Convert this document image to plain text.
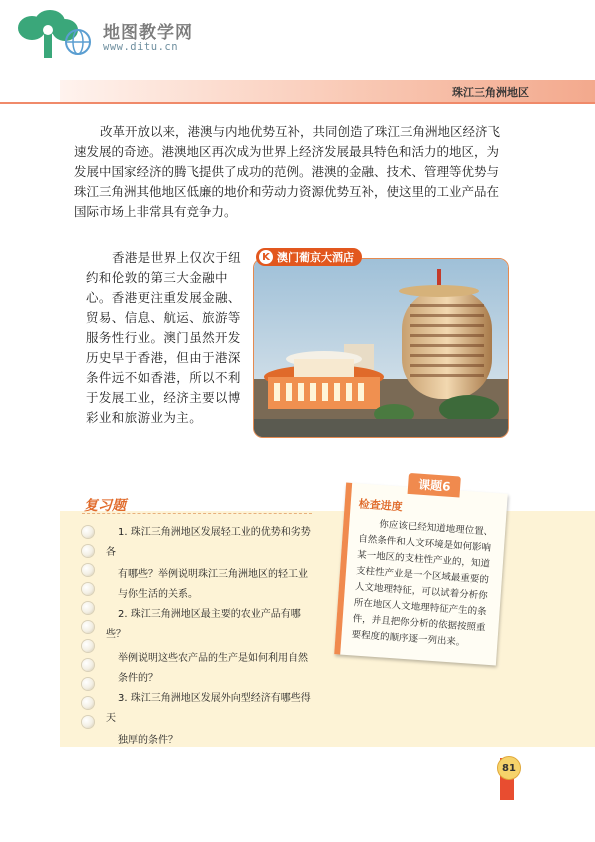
地图教学网
www.ditu.cn
珠江三角洲地区

改革开放以来，港澳与内地优势互补，共同创造了珠江三角洲地区经济飞速发展的奇迹。港澳地区再次成为世界上经济发展最具特色和活力的地区，为发展中国家经济的腾飞提供了成功的范例。港澳的金融、技术、管理等优势与珠江三角洲其他地区低廉的地价和劳动力资源优势互补，使这里的工业产品在国际市场上非常具有竞争力。

香港是世界上仅次于纽约和伦敦的第三大金融中心。香港更注重发展金融、贸易、信息、航运、旅游等服务性行业。澳门虽然开发历史早于香港，但由于港深条件远不如香港，所以不利于发展工业，经济主要以博彩业和旅游业为主。

K 澳门葡京大酒店
复习题

1. 珠江三角洲地区发展轻工业的优势和劣势

各

有哪些？举例说明珠江三角洲地区的轻工业

与你生活的关系。

2. 珠江三角洲地区最主要的农业产品有哪

些？

举例说明这些农产品的生产是如何利用自然

条件的？

3. 珠江三角洲地区发展外向型经济有哪些得

天

独厚的条件？

课题6
检查进度

你应该已经知道地理位置、自然条件和人文环境是如何影响某一地区的支柱性产业的，知道支柱性产业是一个区域最重要的人文地理特征，可以试着分析你所在地区人文地理特征产生的条件，并且把你分析的依据按照重要程度的顺序逐一列出来。

81
